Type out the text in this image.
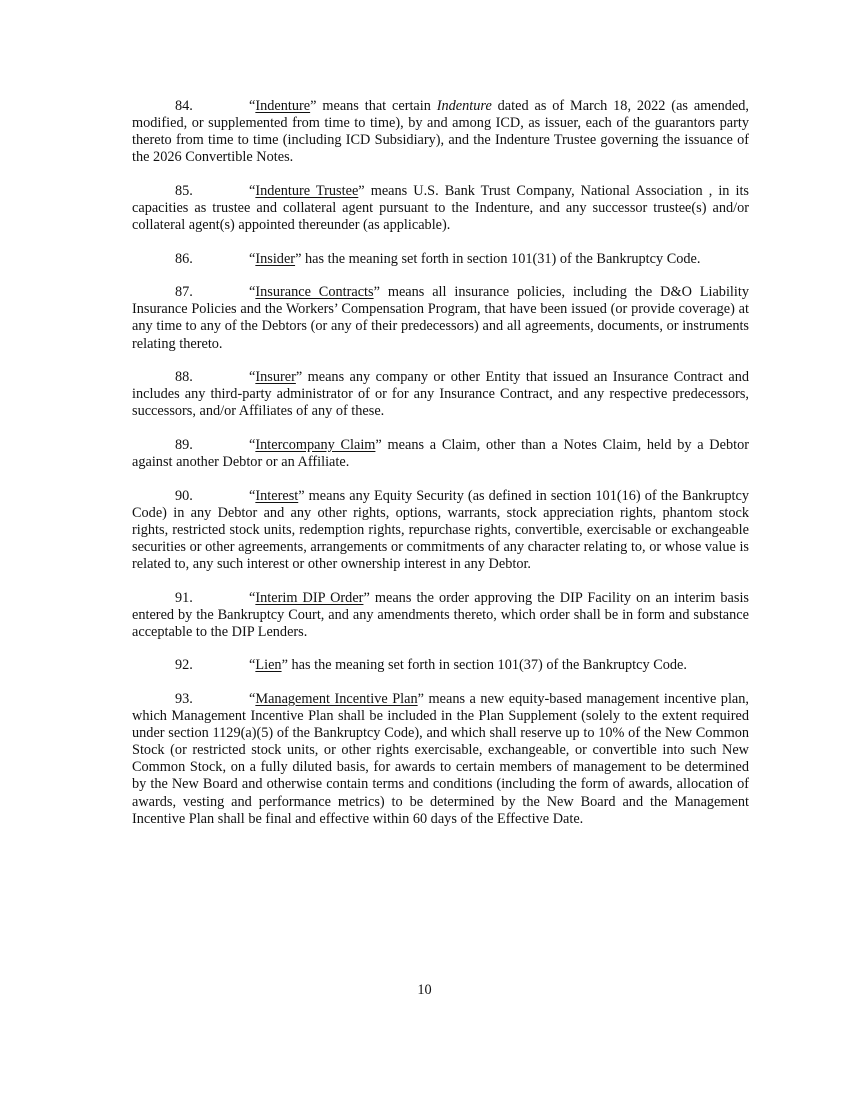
84.	“Indenture” means that certain Indenture dated as of March 18, 2022 (as amended, modified, or supplemented from time to time), by and among ICD, as issuer, each of the guarantors party thereto from time to time (including ICD Subsidiary), and the Indenture Trustee governing the issuance of the 2026 Convertible Notes.

85.	“Indenture Trustee” means U.S. Bank Trust Company, National Association , in its capacities as trustee and collateral agent pursuant to the Indenture, and any successor trustee(s) and/or collateral agent(s) appointed thereunder (as applicable).

86.	“Insider” has the meaning set forth in section 101(31) of the Bankruptcy Code.

87.	“Insurance Contracts” means all insurance policies, including the D&O Liability Insurance Policies and the Workers’ Compensation Program, that have been issued (or provide coverage) at any time to any of the Debtors (or any of their predecessors) and all agreements, documents, or instruments relating thereto.

88.	“Insurer” means any company or other Entity that issued an Insurance Contract and includes any third-party administrator of or for any Insurance Contract, and any respective predecessors, successors, and/or Affiliates of any of these.

89.	“Intercompany Claim” means a Claim, other than a Notes Claim, held by a Debtor against another Debtor or an Affiliate.

90.	“Interest” means any Equity Security (as defined in section 101(16) of the Bankruptcy Code) in any Debtor and any other rights, options, warrants, stock appreciation rights, phantom stock rights, restricted stock units, redemption rights, repurchase rights, convertible, exercisable or exchangeable securities or other agreements, arrangements or commitments of any character relating to, or whose value is related to, any such interest or other ownership interest in any Debtor.

91.	“Interim DIP Order” means the order approving the DIP Facility on an interim basis entered by the Bankruptcy Court, and any amendments thereto, which order shall be in form and substance acceptable to the DIP Lenders.

92.	“Lien” has the meaning set forth in section 101(37) of the Bankruptcy Code.

93.	“Management Incentive Plan” means a new equity-based management incentive plan, which Management Incentive Plan shall be included in the Plan Supplement (solely to the extent required under section 1129(a)(5) of the Bankruptcy Code), and which shall reserve up to 10% of the New Common Stock (or restricted stock units, or other rights exercisable, exchangeable, or convertible into such New Common Stock, on a fully diluted basis, for awards to certain members of management to be determined by the New Board and otherwise contain terms and conditions (including the form of awards, allocation of awards, vesting and performance metrics) to be determined by the New Board and the Management Incentive Plan shall be final and effective within 60 days of the Effective Date.

10
